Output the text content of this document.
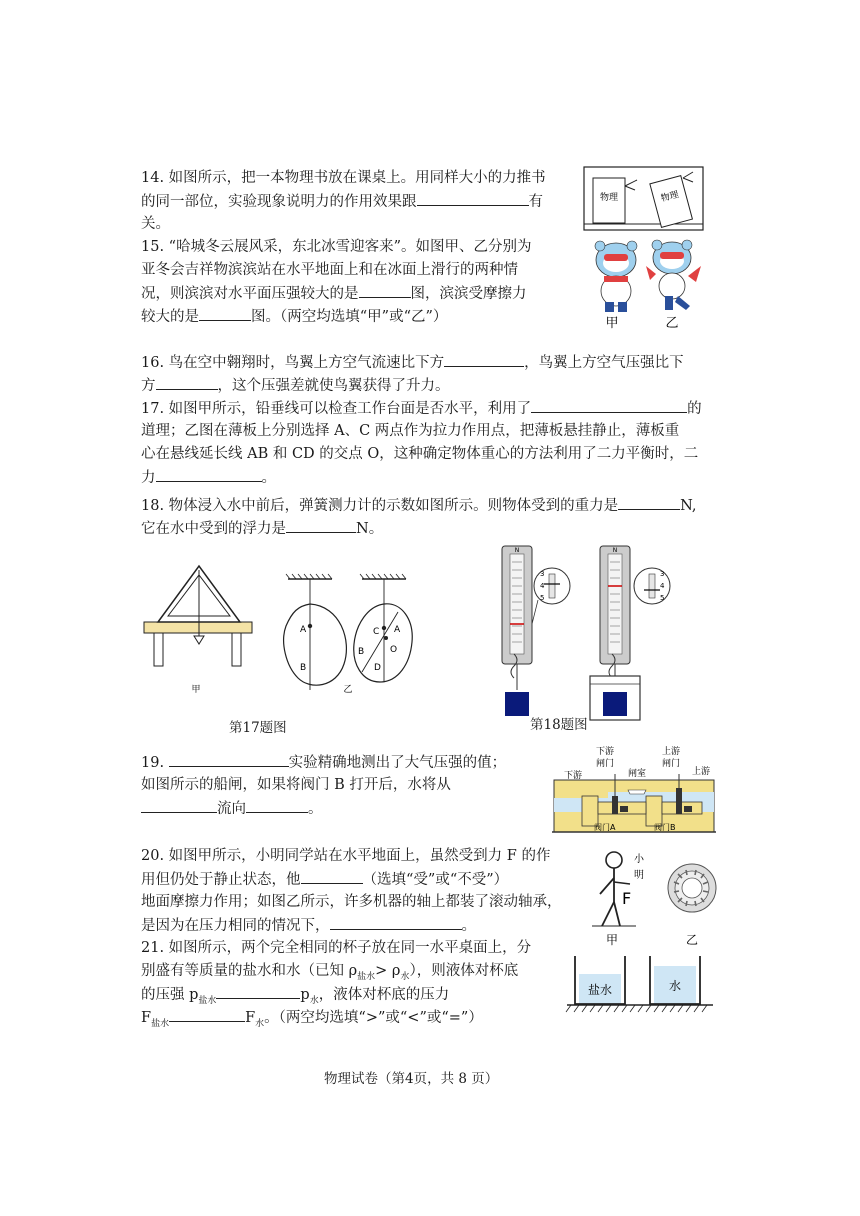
14. 如图所示，把一本物理书放在课桌上。用同样大小的力推书
的同一部位，实验现象说明力的作用效果跟	有
关。
物理	物理
15. “哈城冬云展风采，东北冰雪迎客来”。如图甲、乙分别为
亚冬会吉祥物滨滨站在水平地面上和在冰面上滑行的两种情
况，则滨滨对水平面压强较大的是	图，滨滨受摩擦力
较大的是	图。（两空均选填“甲”或“乙”）	甲	乙
16. 鸟在空中翱翔时，鸟翼上方空气流速比下方	，鸟翼上方空气压强比下
方	，这个压强差就使鸟翼获得了升力。
17. 如图甲所示，铅垂线可以检查工作台面是否水平，利用了	的
道理；乙图在薄板上分别选择 A、C 两点作为拉力作用点，把薄板悬挂静止，薄板重
心在悬线延长线 AB 和 CD 的交点 O，这种确定物体重心的方法利用了二力平衡时，二
力	。
18. 物体浸入水中前后，弹簧测力计的示数如图所示。则物体受到的重力是	N,
它在水中受到的浮力是	N。
甲
A
B
乙
C A
B
D
O
第17题图
N
3
4
5
N
3
4
5
第18题图
19.	实验精确地测出了大气压强的值；
如图所示的船闸，如果将阀门 B 打开后，水将从
流向	。
下游	上游
下游
闸门
上游
闸门
闸室
阀门A	阀门B
20. 如图甲所示，小明同学站在水平地面上，虽然受到力 F 的作
用但仍处于静止状态，他	（选填“受”或“不受”）
地面摩擦力作用；如图乙所示，许多机器的轴上都装了滚动轴承，
是因为在压力相同的情况下，	。
小
明
F
甲	乙
21. 如图所示，两个完全相同的杯子放在同一水平桌面上，分
别盛有等质量的盐水和水（已知 $\rho_{盐水}> \rho_水$），则液体对杯底
的压强 $p_{盐水}$	$p_水$，液体对杯底的压力
$F_{盐水}$	$F_水$。（两空均选填“>”或“<”或“=”）
盐水	水
物理试卷（第4页，共 8 页）
